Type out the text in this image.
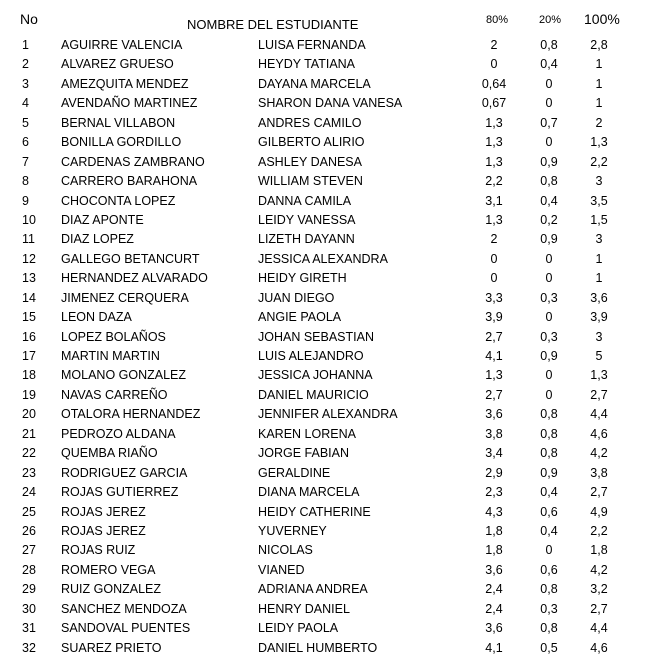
No	NOMBRE DEL ESTUDIANTE	80%	20% 100%
1	AGUIRRE VALENCIA	LUISA FERNANDA	2	0,8	2,8
2	ALVAREZ GRUESO	HEYDY TATIANA	0	0,4	1
3	AMEZQUITA MENDEZ	DAYANA MARCELA	0,64	0	1
4	AVENDAÑO MARTINEZ	SHARON DANA VANESA	0,67	0	1
5	BERNAL VILLABON	ANDRES CAMILO	1,3	0,7	2
6	BONILLA GORDILLO	GILBERTO ALIRIO	1,3	0	1,3
7	CARDENAS ZAMBRANO	ASHLEY DANESA	1,3	0,9	2,2
8	CARRERO BARAHONA	WILLIAM STEVEN	2,2	0,8	3
9	CHOCONTA LOPEZ	DANNA CAMILA	3,1	0,4	3,5
10	DIAZ APONTE	LEIDY VANESSA	1,3	0,2	1,5
11	DIAZ LOPEZ	LIZETH DAYANN	2	0,9	3
12	GALLEGO BETANCURT	JESSICA ALEXANDRA	0	0	1
13	HERNANDEZ ALVARADO	HEIDY GIRETH	0	0	1
14	JIMENEZ CERQUERA	JUAN DIEGO	3,3	0,3	3,6
15	LEON DAZA	ANGIE PAOLA	3,9	0	3,9
16	LOPEZ BOLAÑOS	JOHAN SEBASTIAN	2,7	0,3	3
17	MARTIN MARTIN	LUIS ALEJANDRO	4,1	0,9	5
18	MOLANO GONZALEZ	JESSICA JOHANNA	1,3	0	1,3
19	NAVAS CARREÑO	DANIEL MAURICIO	2,7	0	2,7
20	OTALORA HERNANDEZ	JENNIFER ALEXANDRA	3,6	0,8	4,4
21	PEDROZO ALDANA	KAREN LORENA	3,8	0,8	4,6
22	QUEMBA RIAÑO	JORGE FABIAN	3,4	0,8	4,2
23	RODRIGUEZ GARCIA	GERALDINE	2,9	0,9	3,8
24	ROJAS GUTIERREZ	DIANA MARCELA	2,3	0,4	2,7
25	ROJAS JEREZ	HEIDY CATHERINE	4,3	0,6	4,9
26	ROJAS JEREZ	YUVERNEY	1,8	0,4	2,2
27	ROJAS RUIZ	NICOLAS	1,8	0	1,8
28	ROMERO VEGA	VIANED	3,6	0,6	4,2
29	RUIZ GONZALEZ	ADRIANA ANDREA	2,4	0,8	3,2
30	SANCHEZ MENDOZA	HENRY DANIEL	2,4	0,3	2,7
31	SANDOVAL PUENTES	LEIDY PAOLA	3,6	0,8	4,4
32	SUAREZ PRIETO	DANIEL HUMBERTO	4,1	0,5	4,6
